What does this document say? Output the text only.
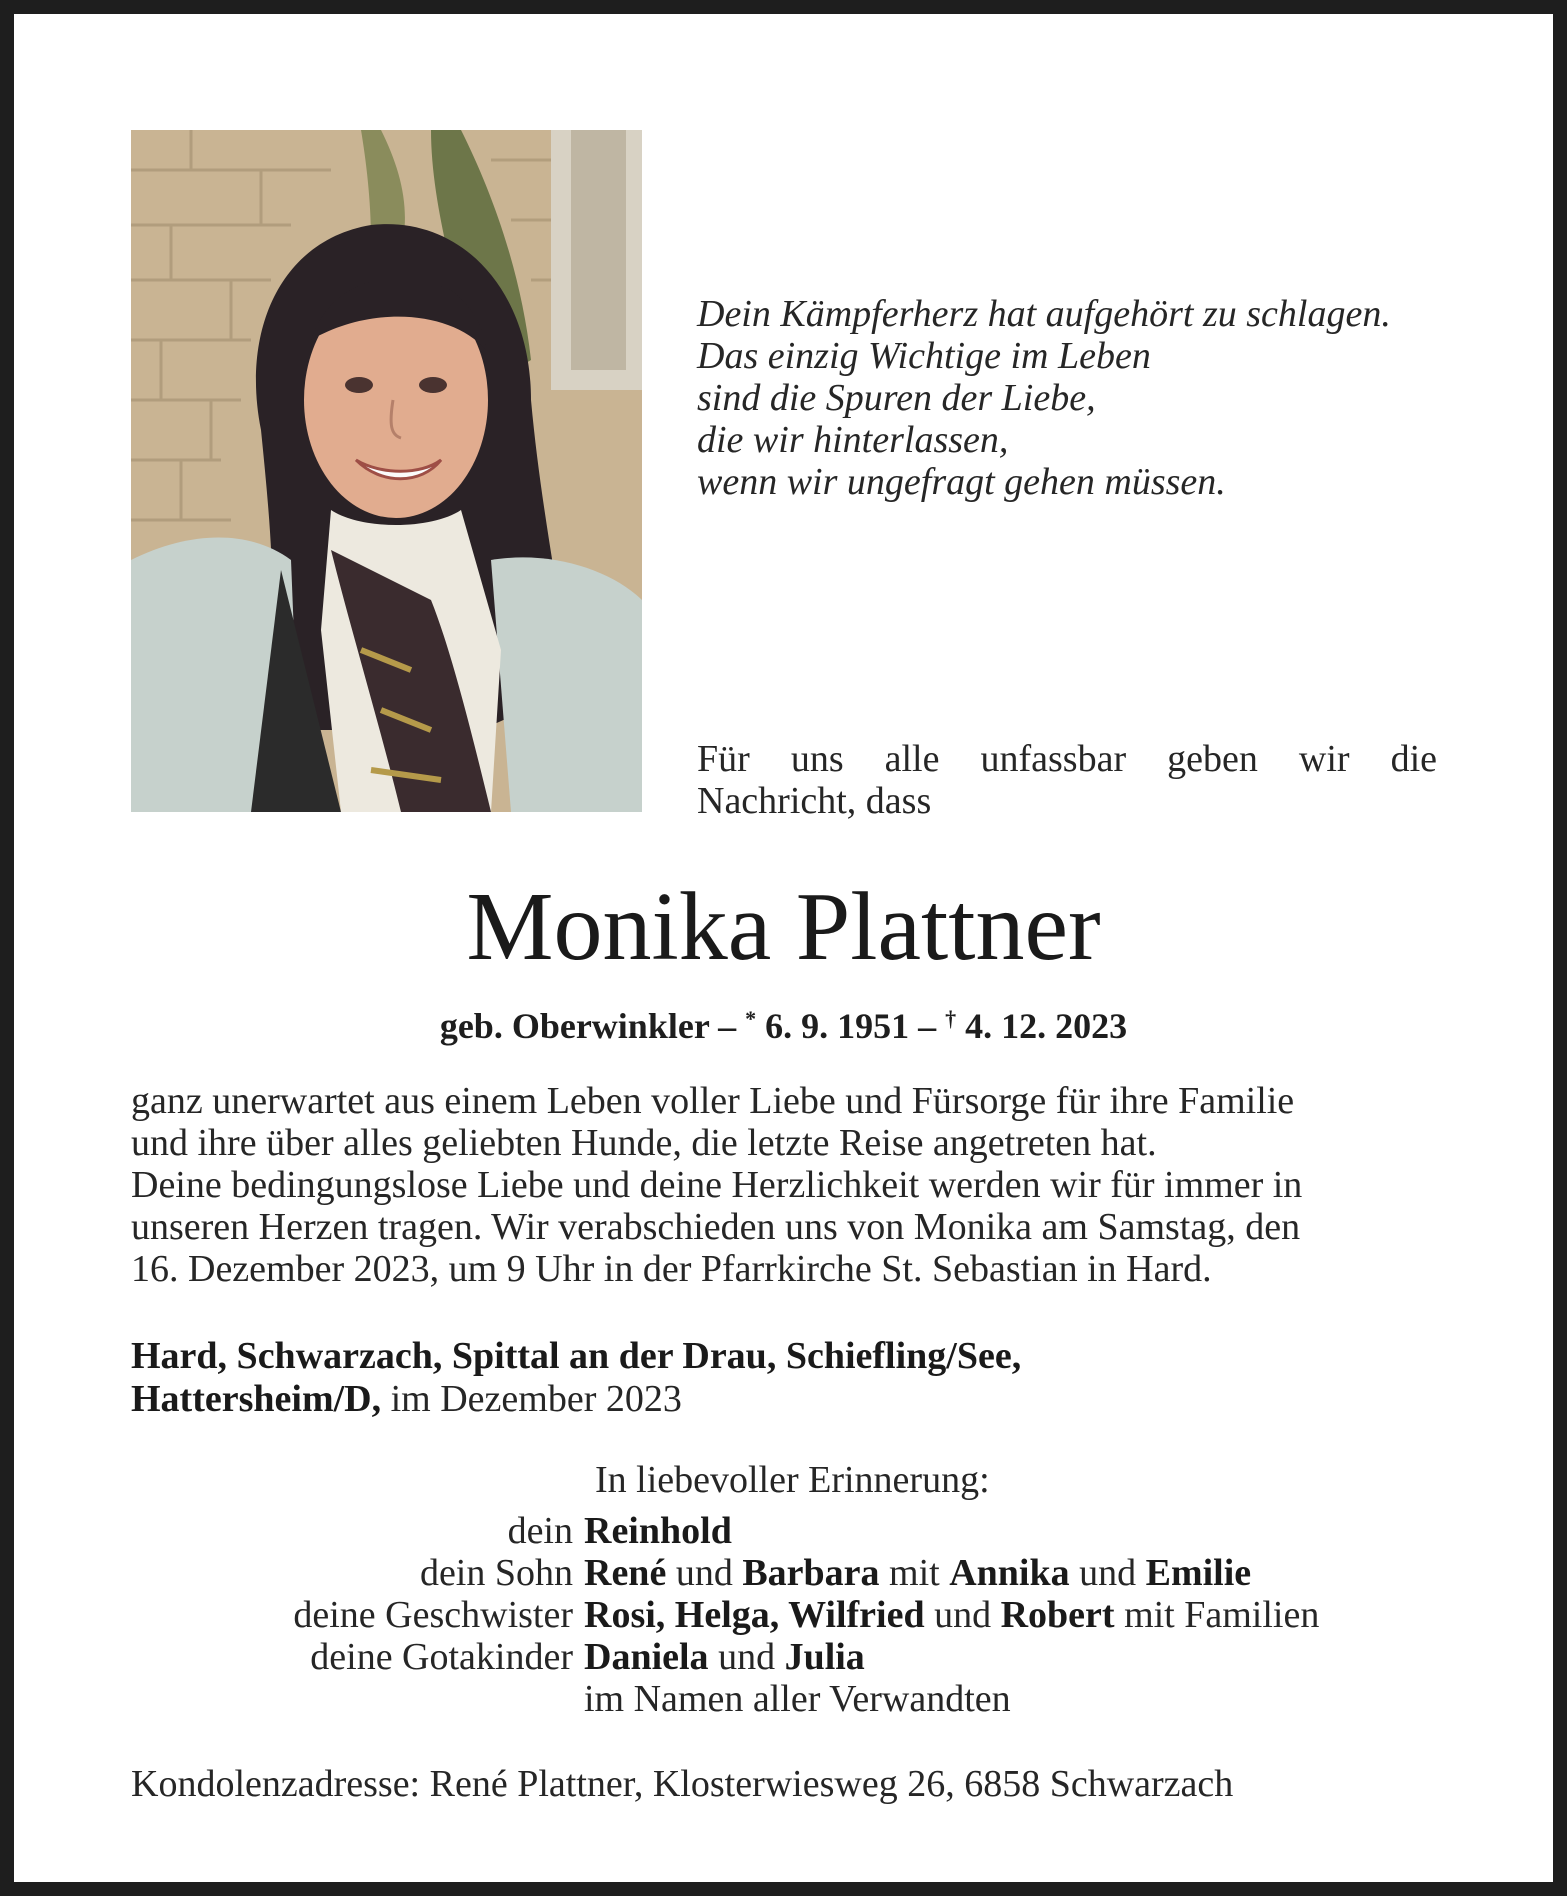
Dein Kämpferherz hat aufgehört zu schlagen.
Das einzig Wichtige im Leben
sind die Spuren der Liebe,
die wir hinterlassen,
wenn wir ungefragt gehen müssen.
Für uns alle unfassbar geben wir die
Nachricht, dass
Monika Plattner
geb. Oberwinkler – * 6. 9. 1951 – † 4. 12. 2023
ganz unerwartet aus einem Leben voller Liebe und Fürsorge für ihre Familie
und ihre über alles geliebten Hunde, die letzte Reise angetreten hat.
Deine bedingungslose Liebe und deine Herzlichkeit werden wir für immer in
unseren Herzen tragen. Wir verabschieden uns von Monika am Samstag, den
16. Dezember 2023, um 9 Uhr in der Pfarrkirche St. Sebastian in Hard.
Hard, Schwarzach, Spittal an der Drau, Schiefling/See,
Hattersheim/D, im Dezember 2023
In liebevoller Erinnerung:
dein Reinhold
dein Sohn René und Barbara mit Annika und Emilie
deine Geschwister Rosi, Helga, Wilfried und Robert mit Familien
deine Gotakinder Daniela und Julia
im Namen aller Verwandten
Kondolenzadresse: René Plattner, Klosterwiesweg 26, 6858 Schwarzach
